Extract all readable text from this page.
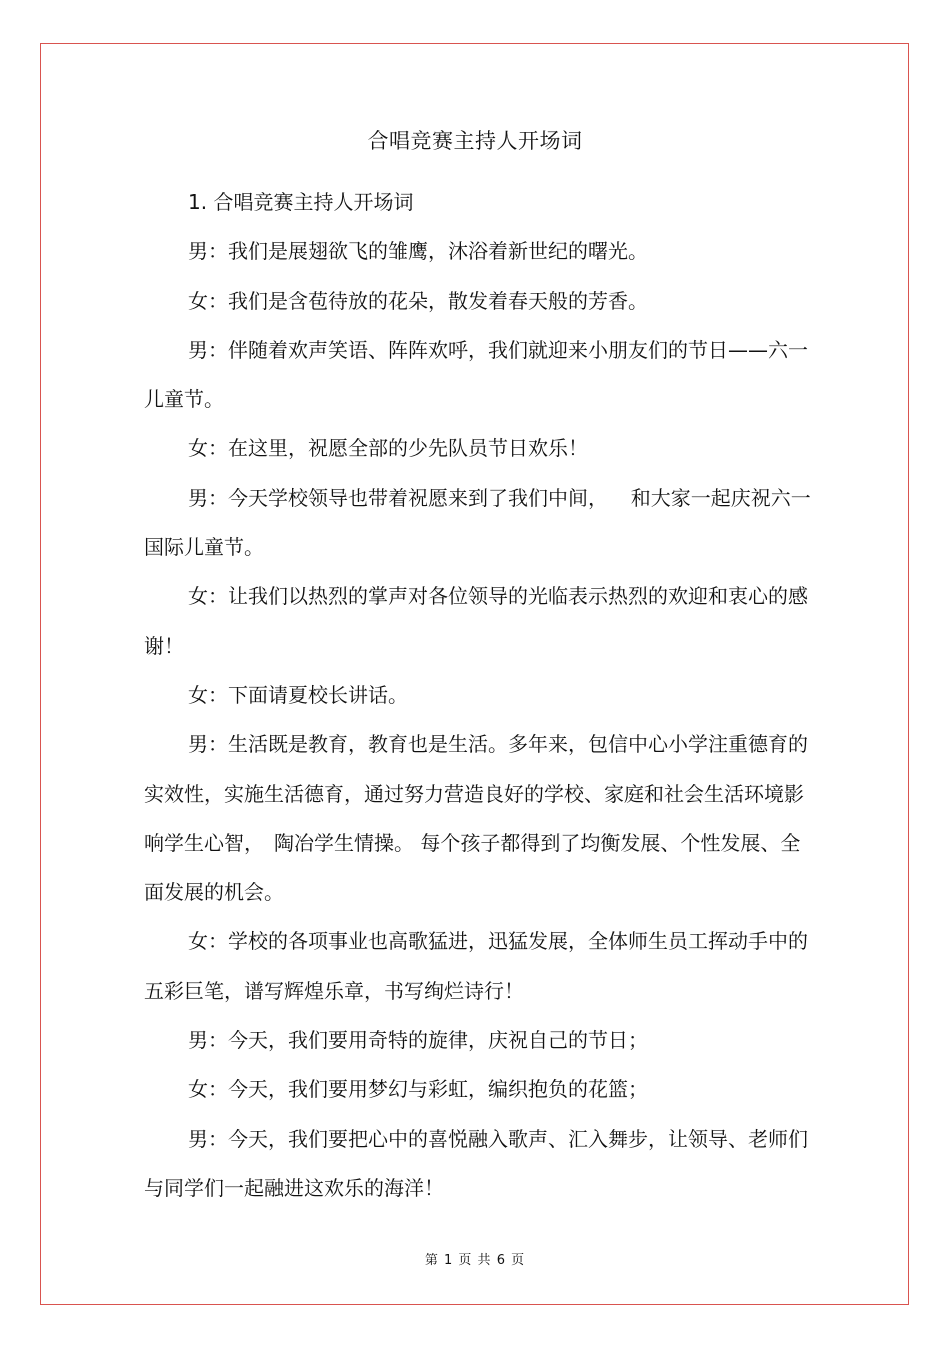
合唱竞赛主持人开场词

1. 合唱竞赛主持人开场词

男：我们是展翅欲飞的雏鹰，沐浴着新世纪的曙光。

女：我们是含苞待放的花朵，散发着春天般的芳香。

男：伴随着欢声笑语、阵阵欢呼，我们就迎来小朋友们的节日——六一儿童节。

女：在这里，祝愿全部的少先队员节日欢乐！

男：今天学校领导也带着祝愿来到了我们中间，　  和大家一起庆祝六一国际儿童节。

女：让我们以热烈的掌声对各位领导的光临表示热烈的欢迎和衷心的感谢！

女：下面请夏校长讲话。

男：生活既是教育，教育也是生活。多年来，包信中心小学注重德育的实效性，实施生活德育，通过努力营造良好的学校、家庭和社会生活环境影响学生心智，　陶冶学生情操。 每个孩子都得到了均衡发展、个性发展、全面发展的机会。

女：学校的各项事业也高歌猛进，迅猛发展，全体师生员工挥动手中的五彩巨笔，谱写辉煌乐章，书写绚烂诗行！

男：今天，我们要用奇特的旋律，庆祝自己的节日；

女：今天，我们要用梦幻与彩虹，编织抱负的花篮；

男：今天，我们要把心中的喜悦融入歌声、汇入舞步，让领导、老师们与同学们一起融进这欢乐的海洋！

第 1 页 共 6 页
